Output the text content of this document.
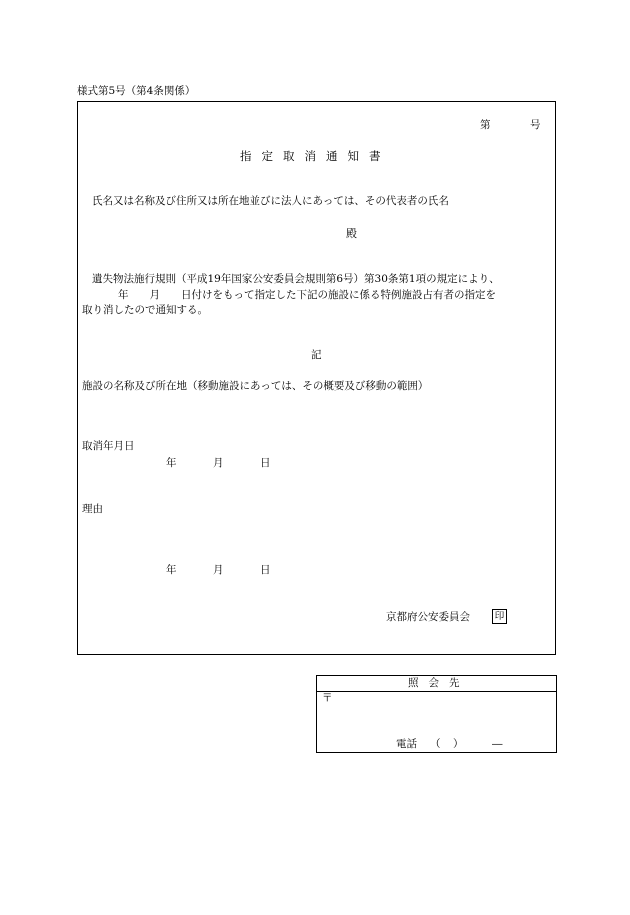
様式第5号（第4条関係）
第	号
指定取消通知書
氏名又は名称及び住所又は所在地並びに法人にあっては、その代表者の氏名
殿
遺失物法施行規則（平成19年国家公安委員会規則第6号）第30条第1項の規定により、
年　　月　　日付けをもって指定した下記の施設に係る特例施設占有者の指定を
取り消したので通知する。
記
施設の名称及び所在地（移動施設にあっては、その概要及び移動の範囲）
取消年月日
年	月	日
理由
年	月	日
京都府公安委員会	印
照会先
〒
電話 （ ）	―
